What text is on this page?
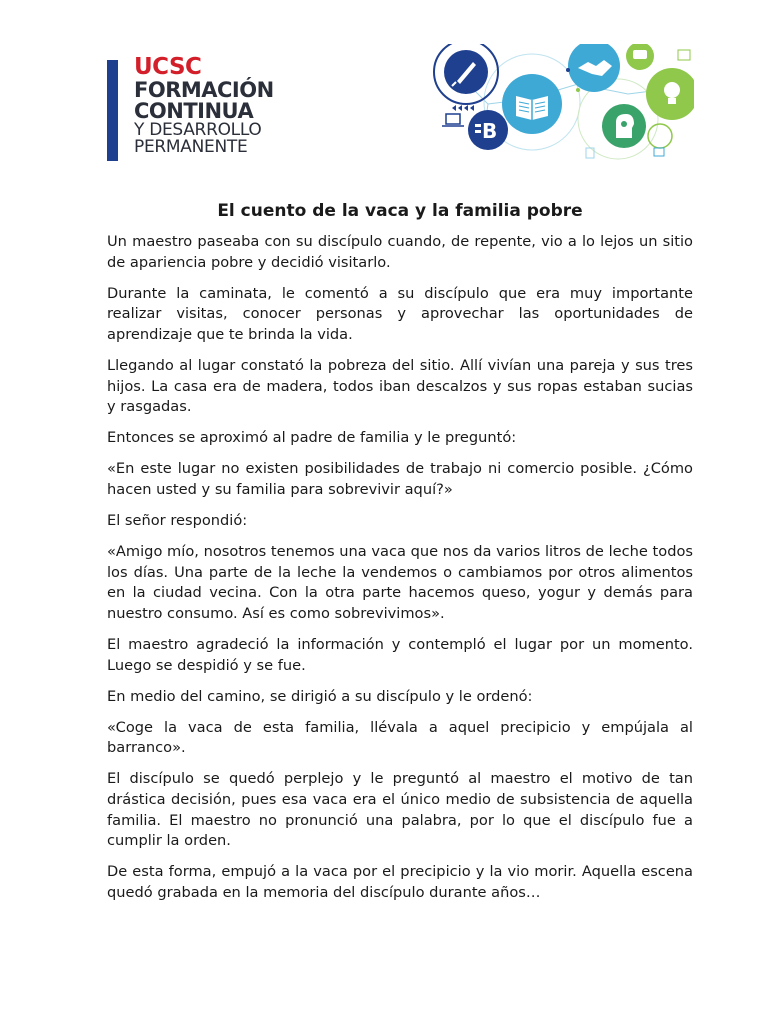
UCSC
FORMACIÓN
CONTINUA
Y DESARROLLO
PERMANENTE
B
El cuento de la vaca y la familia pobre

Un maestro paseaba con su discípulo cuando, de repente, vio a lo lejos un sitio de apariencia pobre y decidió visitarlo.

Durante la caminata, le comentó a su discípulo que era muy importante realizar visitas, conocer personas y aprovechar las oportunidades de aprendizaje que te brinda la vida.

Llegando al lugar constató la pobreza del sitio. Allí vivían una pareja y sus tres hijos. La casa era de madera, todos iban descalzos y sus ropas estaban sucias y rasgadas.

Entonces se aproximó al padre de familia y le preguntó:

«En este lugar no existen posibilidades de trabajo ni comercio posible. ¿Cómo hacen usted y su familia para sobrevivir aquí?»

El señor respondió:

«Amigo mío, nosotros tenemos una vaca que nos da varios litros de leche todos los días. Una parte de la leche la vendemos o cambiamos por otros alimentos en la ciudad vecina. Con la otra parte hacemos queso, yogur y demás para nuestro consumo. Así es como sobrevivimos».

El maestro agradeció la información y contempló el lugar por un momento. Luego se despidió y se fue.

En medio del camino, se dirigió a su discípulo y le ordenó:

«Coge la vaca de esta familia, llévala a aquel precipicio y empújala al barranco».

El discípulo se quedó perplejo y le preguntó al maestro el motivo de tan drástica decisión, pues esa vaca era el único medio de subsistencia de aquella familia. El maestro no pronunció una palabra, por lo que el discípulo fue a cumplir la orden.

De esta forma, empujó a la vaca por el precipicio y la vio morir. Aquella escena quedó grabada en la memoria del discípulo durante años…
